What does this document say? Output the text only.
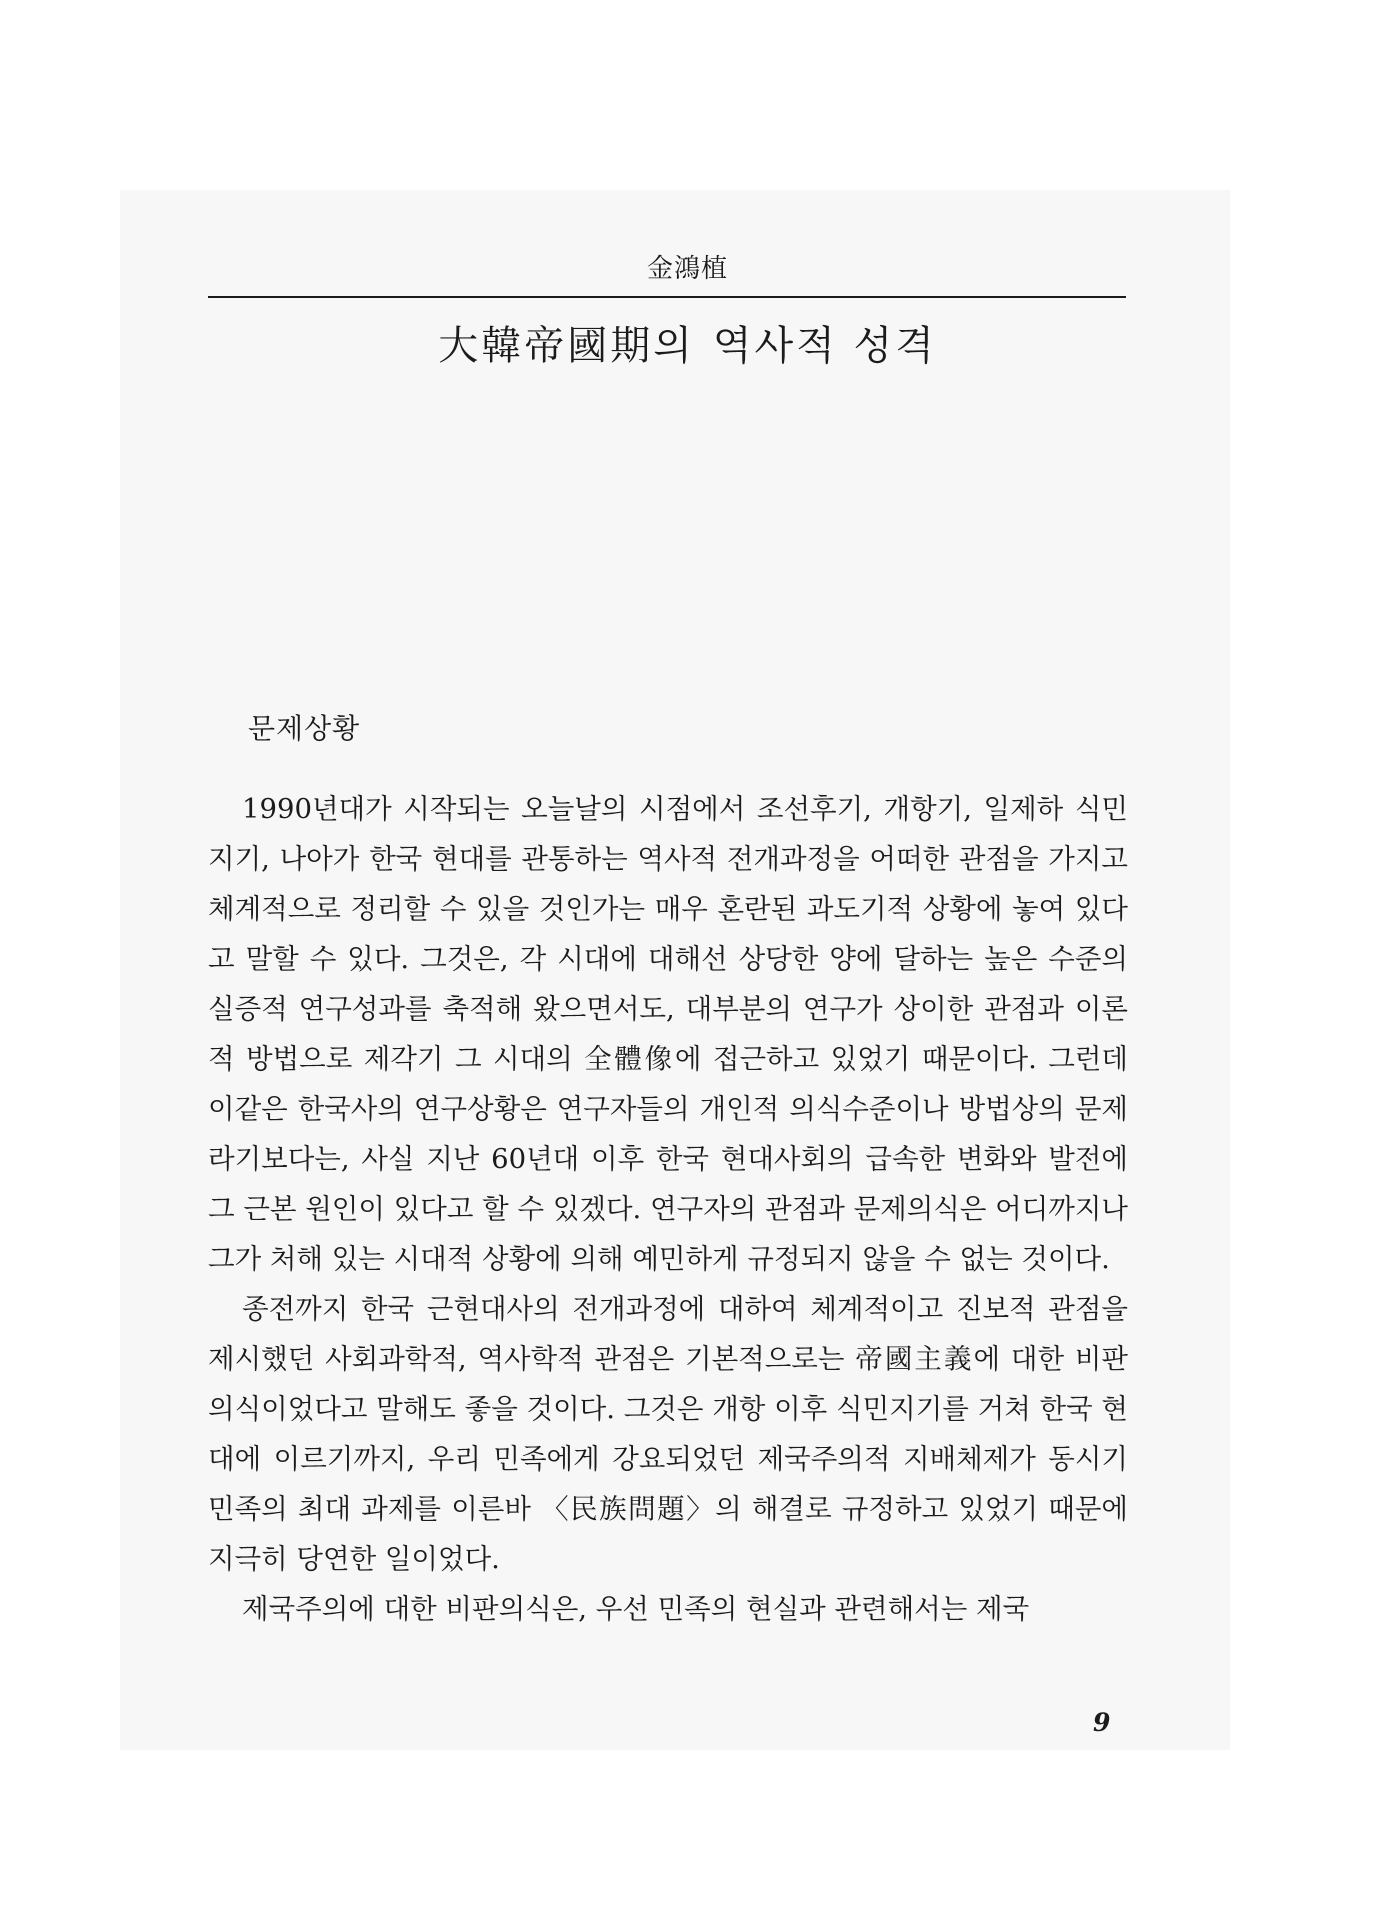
金鴻植
大韓帝國期의 역사적 성격
문제상황

1990년대가 시작되는 오늘날의 시점에서 조선후기, 개항기, 일제하 식민지기, 나아가 한국 현대를 관통하는 역사적 전개과정을 어떠한 관점을 가지고 체계적으로 정리할 수 있을 것인가는 매우 혼란된 과도기적 상황에 놓여 있다고 말할 수 있다. 그것은, 각 시대에 대해선 상당한 양에 달하는 높은 수준의 실증적 연구성과를 축적해 왔으면서도, 대부분의 연구가 상이한 관점과 이론적 방법으로 제각기 그 시대의 全體像에 접근하고 있었기 때문이다. 그런데 이같은 한국사의 연구상황은 연구자들의 개인적 의식수준이나 방법상의 문제라기보다는, 사실 지난 60년대 이후 한국 현대사회의 급속한 변화와 발전에 그 근본 원인이 있다고 할 수 있겠다. 연구자의 관점과 문제의식은 어디까지나 그가 처해 있는 시대적 상황에 의해 예민하게 규정되지 않을 수 없는 것이다.

종전까지 한국 근현대사의 전개과정에 대하여 체계적이고 진보적 관점을 제시했던 사회과학적, 역사학적 관점은 기본적으로는 帝國主義에 대한 비판의식이었다고 말해도 좋을 것이다. 그것은 개항 이후 식민지기를 거쳐 한국 현대에 이르기까지, 우리 민족에게 강요되었던 제국주의적 지배체제가 동시기 민족의 최대 과제를 이른바 〈民族問題〉의 해결로 규정하고 있었기 때문에 지극히 당연한 일이었다.

제국주의에 대한 비판의식은, 우선 민족의 현실과 관련해서는 제국

9
